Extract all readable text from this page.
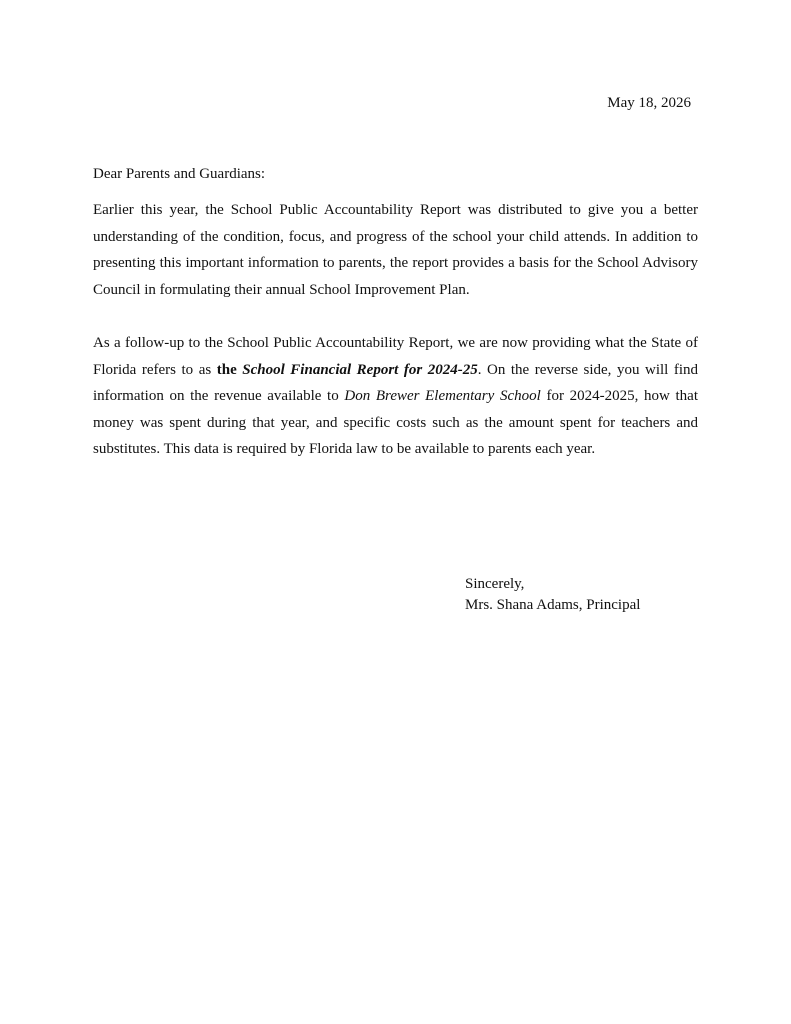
May 18, 2026
Dear Parents and Guardians:

Earlier this year, the School Public Accountability Report was distributed to give you a better understanding of the condition, focus, and progress of the school your child attends. In addition to presenting this important information to parents, the report provides a basis for the School Advisory Council in formulating their annual School Improvement Plan.

As a follow-up to the School Public Accountability Report, we are now providing what the State of Florida refers to as the School Financial Report for 2024-25. On the reverse side, you will find information on the revenue available to Don Brewer Elementary School for 2024-2025, how that money was spent during that year, and specific costs such as the amount spent for teachers and substitutes. This data is required by Florida law to be available to parents each year.

Sincerely,
Mrs. Shana Adams, Principal
